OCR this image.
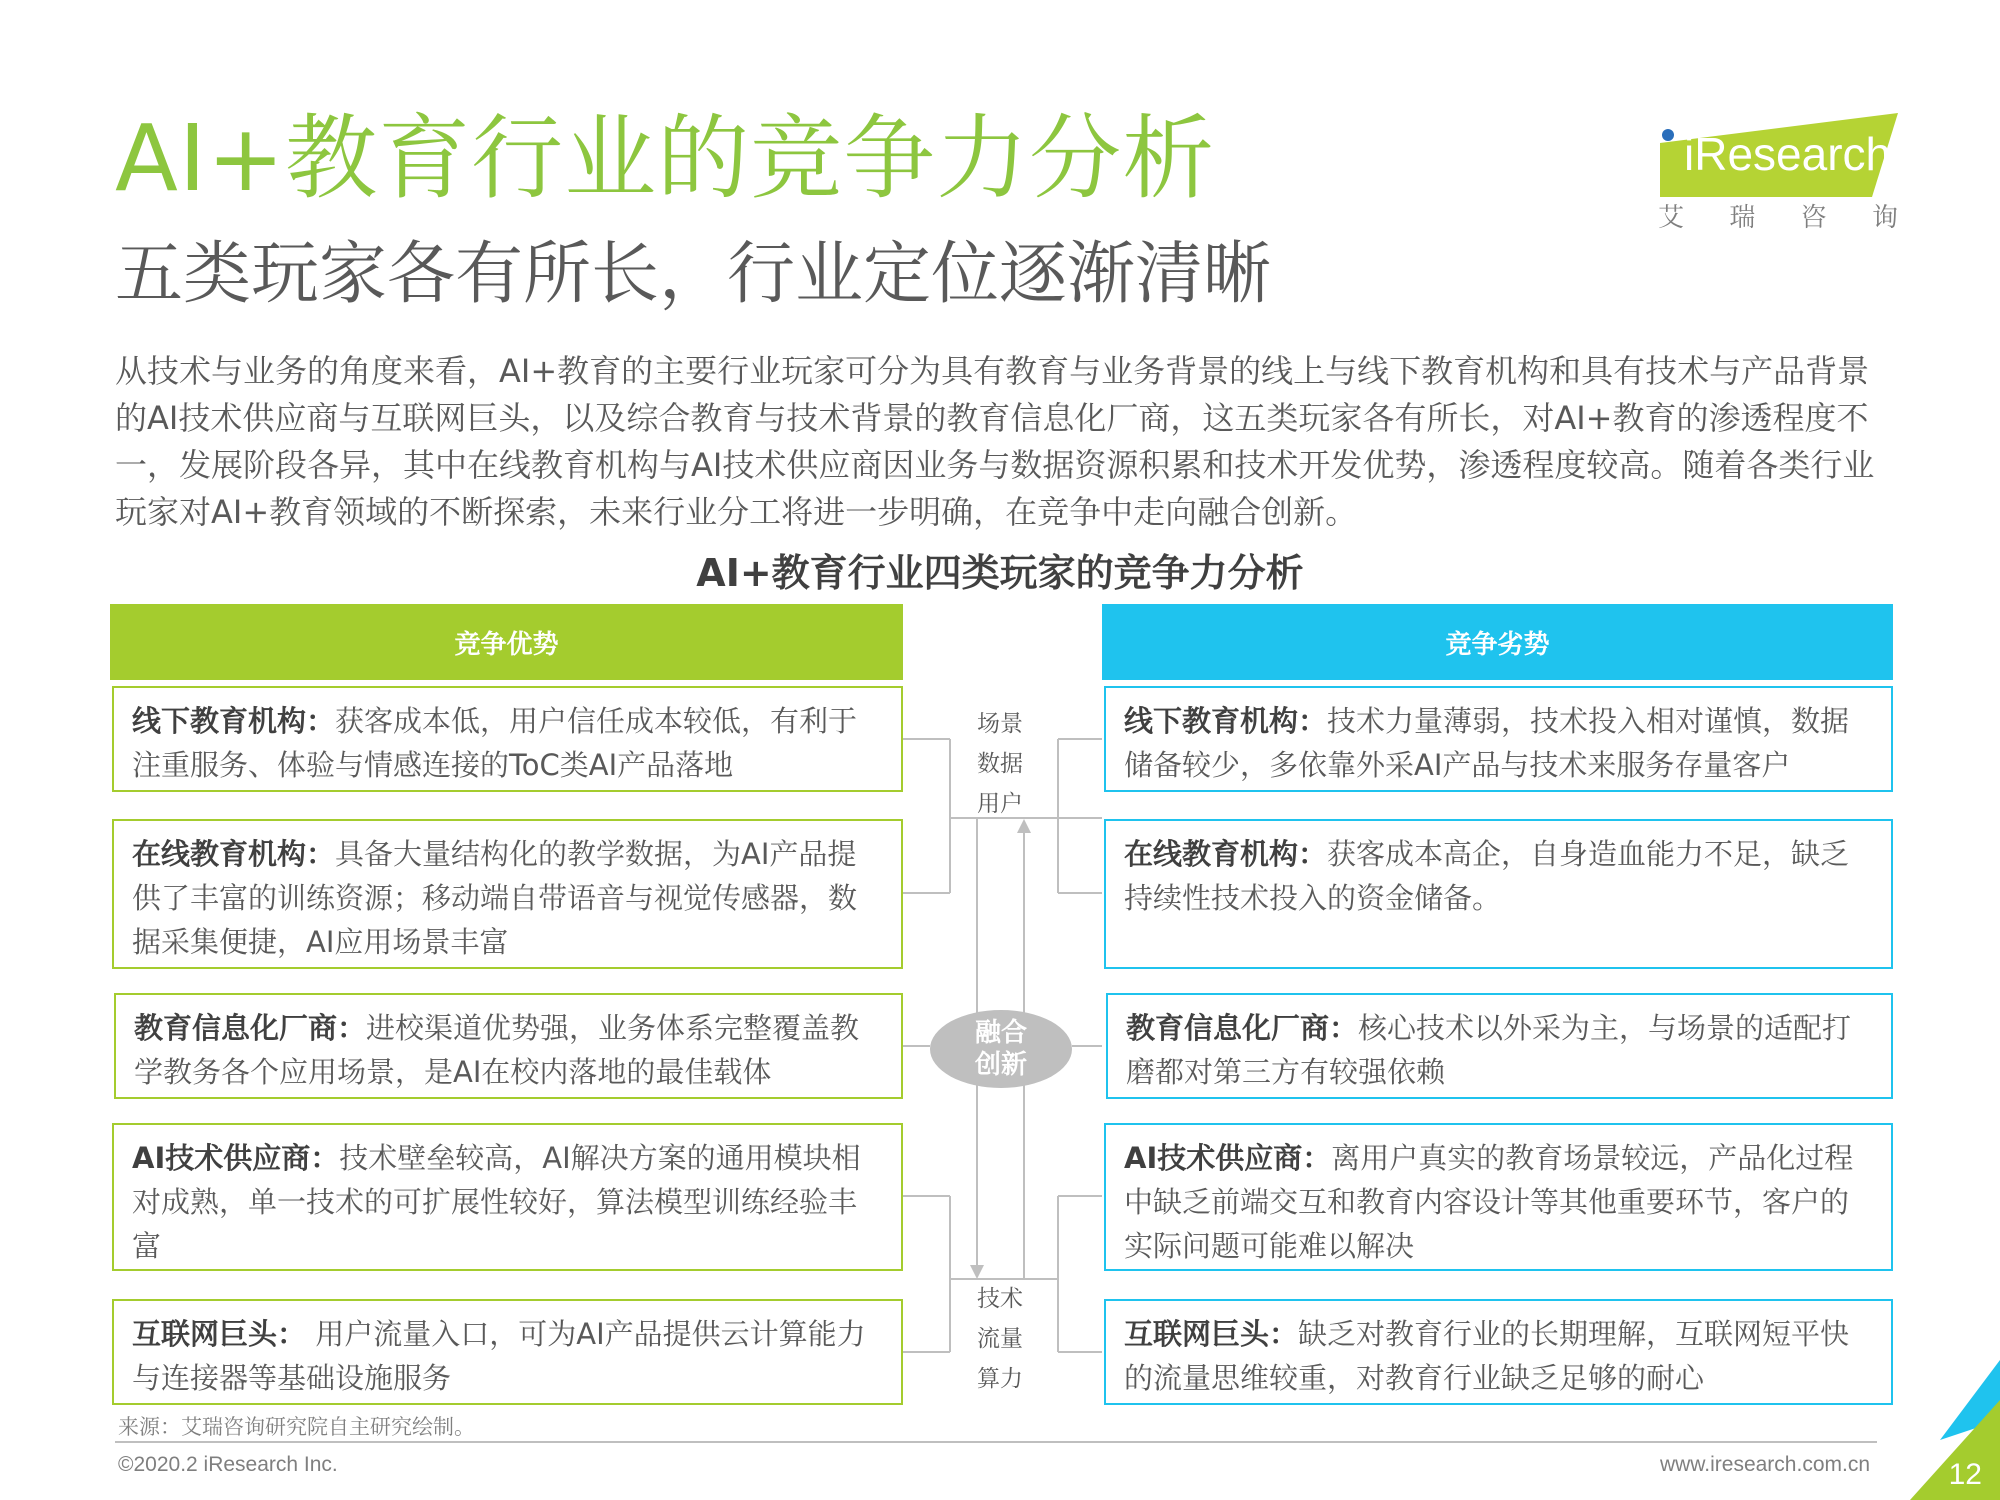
AI+教育行业的竞争力分析
五类玩家各有所长，行业定位逐渐清晰
iResearch
艾 瑞 咨 询

从技术与业务的角度来看，AI+教育的主要行业玩家可分为具有教育与业务背景的线上与线下教育机构和具有技术与产品背景的AI技术供应商与互联网巨头，以及综合教育与技术背景的教育信息化厂商，这五类玩家各有所长，对AI+教育的渗透程度不一，发展阶段各异，其中在线教育机构与AI技术供应商因业务与数据资源积累和技术开发优势，渗透程度较高。随着各类行业玩家对AI+教育领域的不断探索，未来行业分工将进一步明确，在竞争中走向融合创新。

AI+教育行业四类玩家的竞争力分析
竞争优势	竞争劣势
线下教育机构：获客成本低，用户信任成本较低，有利于注重服务、体验与情感连接的ToC类AI产品落地
在线教育机构：具备大量结构化的教学数据，为AI产品提供了丰富的训练资源；移动端自带语音与视觉传感器，数据采集便捷，AI应用场景丰富
教育信息化厂商：进校渠道优势强，业务体系完整覆盖教学教务各个应用场景，是AI在校内落地的最佳载体
AI技术供应商：技术壁垒较高，AI解决方案的通用模块相对成熟，单一技术的可扩展性较好，算法模型训练经验丰富
互联网巨头： 用户流量入口，可为AI产品提供云计算能力与连接器等基础设施服务
线下教育机构：技术力量薄弱，技术投入相对谨慎，数据储备较少，多依靠外采AI产品与技术来服务存量客户
在线教育机构：获客成本高企，自身造血能力不足，缺乏持续性技术投入的资金储备。
教育信息化厂商：核心技术以外采为主，与场景的适配打磨都对第三方有较强依赖
AI技术供应商：离用户真实的教育场景较远，产品化过程中缺乏前端交互和教育内容设计等其他重要环节，客户的实际问题可能难以解决
互联网巨头：缺乏对教育行业的长期理解，互联网短平快的流量思维较重，对教育行业缺乏足够的耐心
场景
数据
用户
技术
流量
算力
融合
创新
来源：艾瑞咨询研究院自主研究绘制。
©2020.2 iResearch Inc.	www.iresearch.com.cn	12
